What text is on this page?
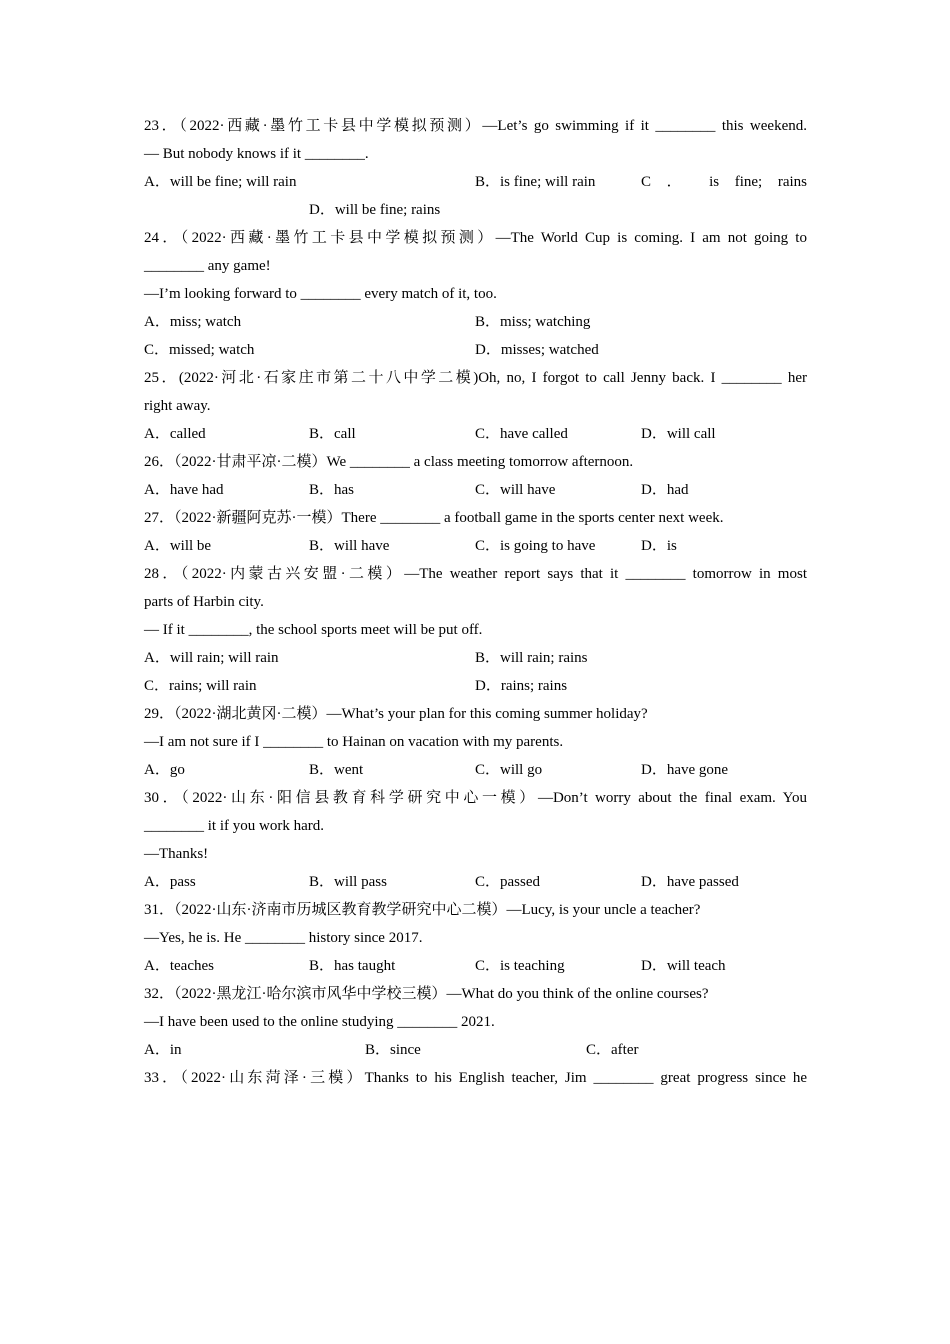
23．（2022·西藏·墨竹工卡县中学模拟预测）—Let’s go swimming if it ________ this weekend.
— But nobody knows if it ________.
A．will be fine; will rain	B．is fine; will rain	C ． is fine; rains
D．will be fine; rains
24．（2022·西藏·墨竹工卡县中学模拟预测）—The World Cup is coming. I am not going to
________ any game!
—I’m looking forward to ________ every match of it, too.
A．miss; watch	B．miss; watching
C．missed; watch	D．misses; watched
25．(2022·河北·石家庄市第二十八中学二模)Oh, no, I forgot to call Jenny back. I ________ her
right away.
A．called	B．call	C．have called	D．will call
26．（2022·甘肃平凉·二模）We ________ a class meeting tomorrow afternoon.
A．have had	B．has	C．will have	D．had
27．（2022·新疆阿克苏·一模）There ________ a football game in the sports center next week.
A．will be	B．will have	C．is going to have	D．is
28．（2022·内蒙古兴安盟·二模）—The weather report says that it ________ tomorrow in most
parts of Harbin city.
— If it ________, the school sports meet will be put off.
A．will rain; will rain	B．will rain; rains
C．rains; will rain	D．rains; rains
29．（2022·湖北黄冈·二模）—What’s your plan for this coming summer holiday?
—I am not sure if I ________ to Hainan on vacation with my parents.
A．go	B．went	C．will go	D．have gone
30．（2022·山东·阳信县教育科学研究中心一模）—Don’t worry about the final exam. You
________ it if you work hard.
—Thanks!
A．pass	B．will pass	C．passed	D．have passed
31．（2022·山东·济南市历城区教育教学研究中心二模）—Lucy, is your uncle a teacher?
—Yes, he is. He ________ history since 2017.
A．teaches	B．has taught	C．is teaching	D．will teach
32．（2022·黑龙江·哈尔滨市风华中学校三模）—What do you think of the online courses?
—I have been used to the online studying ________ 2021.
A．in	B．since	C．after
33．（2022·山东菏泽·三模）Thanks to his English teacher, Jim ________ great progress since he
